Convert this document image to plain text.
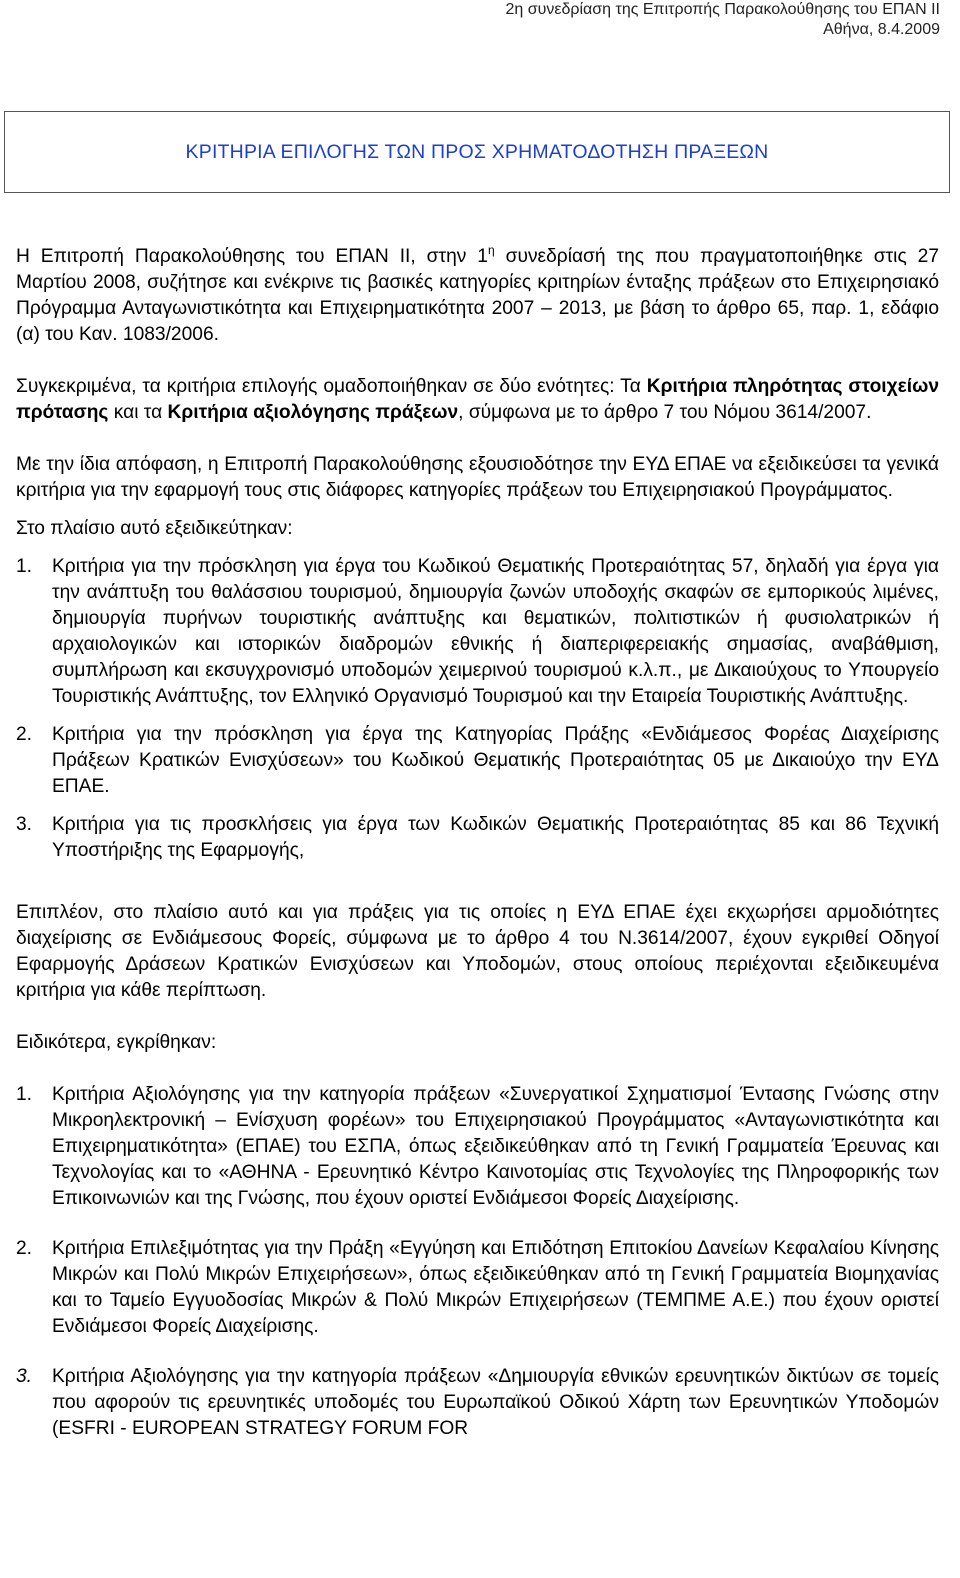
2η συνεδρίαση της Επιτροπής Παρακολούθησης του ΕΠΑΝ ΙΙ
Αθήνα, 8.4.2009
ΚΡΙΤΗΡΙΑ ΕΠΙΛΟΓΗΣ ΤΩΝ ΠΡΟΣ ΧΡΗΜΑΤΟΔΟΤΗΣΗ ΠΡΑΞΕΩΝ

Η Επιτροπή Παρακολούθησης του ΕΠΑΝ ΙΙ, στην $1^\eta$ συνεδρίασή της που πραγματοποιήθηκε στις 27 Μαρτίου 2008, συζήτησε και ενέκρινε τις βασικές κατηγορίες κριτηρίων ένταξης πράξεων στο Επιχειρησιακό Πρόγραμμα Ανταγωνιστικότητα και Επιχειρηματικότητα 2007 – 2013, με βάση το άρθρο 65, παρ. 1, εδάφιο (α) του Καν. 1083/2006.

Συγκεκριμένα, τα κριτήρια επιλογής ομαδοποιήθηκαν σε δύο ενότητες: Τα Κριτήρια πληρότητας στοιχείων πρότασης και τα Κριτήρια αξιολόγησης πράξεων, σύμφωνα με το άρθρο 7 του Νόμου 3614/2007.

Με την ίδια απόφαση, η Επιτροπή Παρακολούθησης εξουσιοδότησε την ΕΥΔ ΕΠΑΕ να εξειδικεύσει τα γενικά κριτήρια για την εφαρμογή τους στις διάφορες κατηγορίες πράξεων του Επιχειρησιακού Προγράμματος.

Στο πλαίσιο αυτό εξειδικεύτηκαν:

1.	Κριτήρια για την πρόσκληση για έργα του Κωδικού Θεματικής Προτεραιότητας 57, δηλαδή για έργα για την ανάπτυξη του θαλάσσιου τουρισμού, δημιουργία ζωνών υποδοχής σκαφών σε εμπορικούς λιμένες, δημιουργία πυρήνων τουριστικής ανάπτυξης και θεματικών, πολιτιστικών ή φυσιολατρικών ή αρχαιολογικών και ιστορικών διαδρομών εθνικής ή διαπεριφερειακής σημασίας, αναβάθμιση, συμπλήρωση και εκσυγχρονισμό υποδομών χειμερινού τουρισμού κ.λ.π., με Δικαιούχους το Υπουργείο Τουριστικής Ανάπτυξης, τον Ελληνικό Οργανισμό Τουρισμού και την Εταιρεία Τουριστικής Ανάπτυξης.
2.	Κριτήρια για την πρόσκληση για έργα της Κατηγορίας Πράξης «Ενδιάμεσος Φορέας Διαχείρισης Πράξεων Κρατικών Ενισχύσεων» του Κωδικού Θεματικής Προτεραιότητας 05 με Δικαιούχο την ΕΥΔ ΕΠΑΕ.
3.	Κριτήρια για τις προσκλήσεις για έργα των Κωδικών Θεματικής Προτεραιότητας 85 και 86 Τεχνική Υποστήριξης της Εφαρμογής,

Επιπλέον, στο πλαίσιο αυτό και για πράξεις για τις οποίες η ΕΥΔ ΕΠΑΕ έχει εκχωρήσει αρμοδιότητες διαχείρισης σε Ενδιάμεσους Φορείς, σύμφωνα με το άρθρο 4 του Ν.3614/2007, έχουν εγκριθεί Οδηγοί Εφαρμογής Δράσεων Κρατικών Ενισχύσεων και Υποδομών, στους οποίους περιέχονται εξειδικευμένα κριτήρια για κάθε περίπτωση.

Ειδικότερα, εγκρίθηκαν:

1.	Κριτήρια Αξιολόγησης για την κατηγορία πράξεων «Συνεργατικοί Σχηματισμοί Έντασης Γνώσης στην Μικροηλεκτρονική – Ενίσχυση φορέων» του Επιχειρησιακού Προγράμματος «Ανταγωνιστικότητα και Επιχειρηματικότητα» (ΕΠΑΕ) του ΕΣΠΑ, όπως εξειδικεύθηκαν από τη Γενική Γραμματεία Έρευνας και Τεχνολογίας και το «ΑΘΗΝΑ - Ερευνητικό Κέντρο Καινοτομίας στις Τεχνολογίες της Πληροφορικής των Επικοινωνιών και της Γνώσης, που έχουν οριστεί Ενδιάμεσοι Φορείς Διαχείρισης.
2.	Κριτήρια Επιλεξιμότητας για την Πράξη «Εγγύηση και Επιδότηση Επιτοκίου Δανείων Κεφαλαίου Κίνησης Μικρών και Πολύ Μικρών Επιχειρήσεων», όπως εξειδικεύθηκαν από τη Γενική Γραμματεία Βιομηχανίας και το Ταμείο Εγγυοδοσίας Μικρών & Πολύ Μικρών Επιχειρήσεων (ΤΕΜΠΜΕ Α.Ε.) που έχουν οριστεί Ενδιάμεσοι Φορείς Διαχείρισης.
3.	Κριτήρια Αξιολόγησης για την κατηγορία πράξεων «Δημιουργία εθνικών ερευνητικών δικτύων σε τομείς που αφορούν τις ερευνητικές υποδομές του Ευρωπαϊκού Οδικού Χάρτη των Ερευνητικών Υποδομών (ESFRI - EUROPEAN STRATEGY FORUM FOR
